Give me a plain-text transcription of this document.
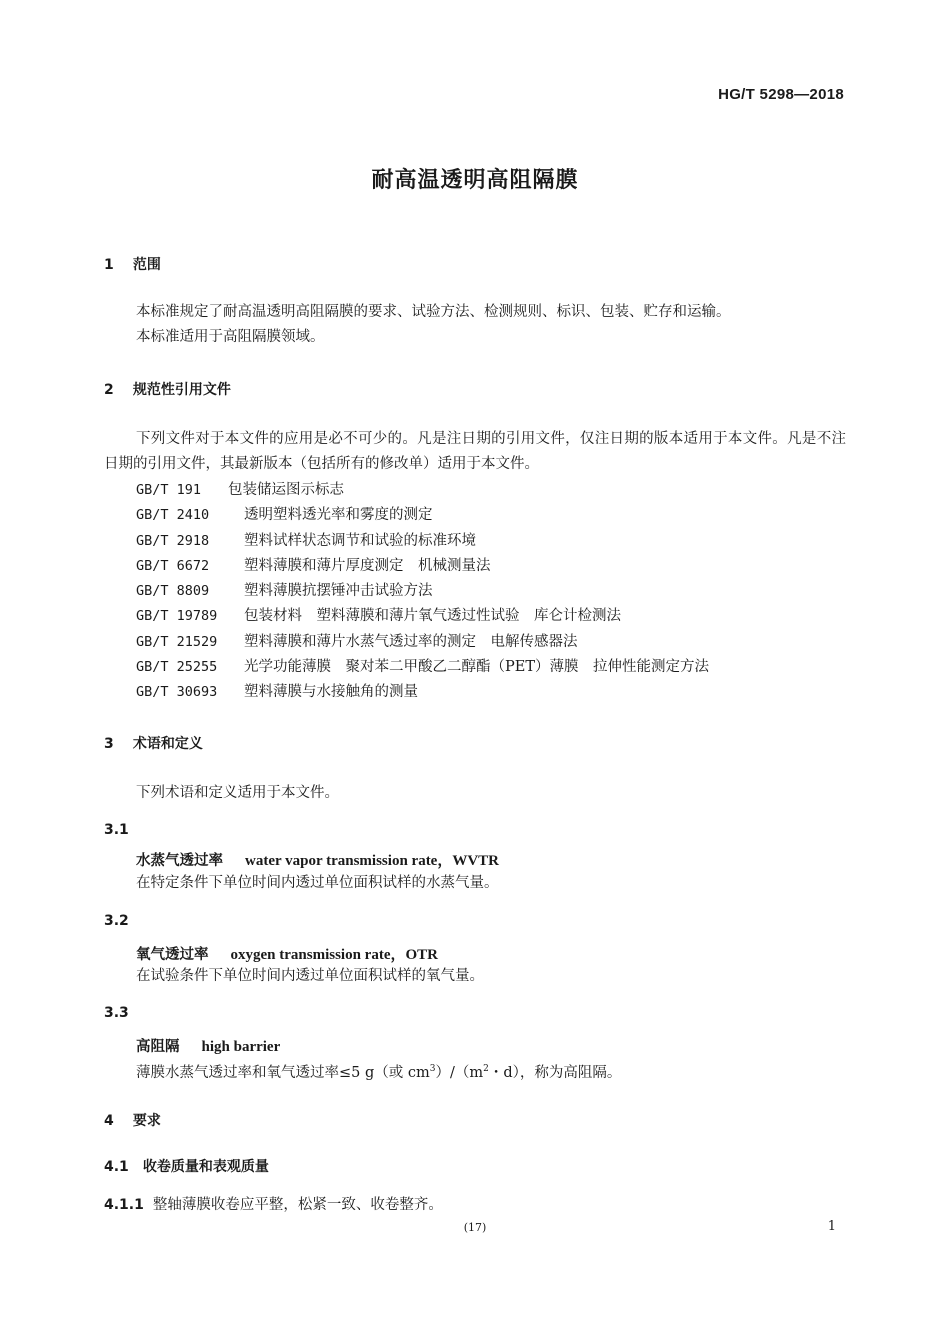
HG/T 5298—2018
耐高温透明高阻隔膜
1 范围
本标准规定了耐高温透明高阻隔膜的要求、试验方法、检测规则、标识、包装、贮存和运输。
本标准适用于高阻隔膜领域。
2 规范性引用文件
下列文件对于本文件的应用是必不可少的。凡是注日期的引用文件，仅注日期的版本适用于本文件。凡是不注日期的引用文件，其最新版本（包括所有的修改单）适用于本文件。
GB/T 191 包装储运图示标志
GB/T 2410 透明塑料透光率和雾度的测定
GB/T 2918 塑料试样状态调节和试验的标准环境
GB/T 6672 塑料薄膜和薄片厚度测定　机械测量法
GB/T 8809 塑料薄膜抗摆锤冲击试验方法
GB/T 19789 包装材料　塑料薄膜和薄片氧气透过性试验　库仑计检测法
GB/T 21529 塑料薄膜和薄片水蒸气透过率的测定　电解传感器法
GB/T 25255 光学功能薄膜　聚对苯二甲酸乙二醇酯（PET）薄膜　拉伸性能测定方法
GB/T 30693 塑料薄膜与水接触角的测量
3 术语和定义
下列术语和定义适用于本文件。
3.1
水蒸气透过率 water vapor transmission rate，WVTR
在特定条件下单位时间内透过单位面积试样的水蒸气量。
3.2
氧气透过率 oxygen transmission rate，OTR
在试验条件下单位时间内透过单位面积试样的氧气量。
3.3
高阻隔 high barrier
薄膜水蒸气透过率和氧气透过率≤5 g（或 $cm^3)/(m^2$・d），称为高阻隔。
4 要求
4.1 收卷质量和表观质量
4.1.1 整轴薄膜收卷应平整，松紧一致、收卷整齐。
(17)	1
